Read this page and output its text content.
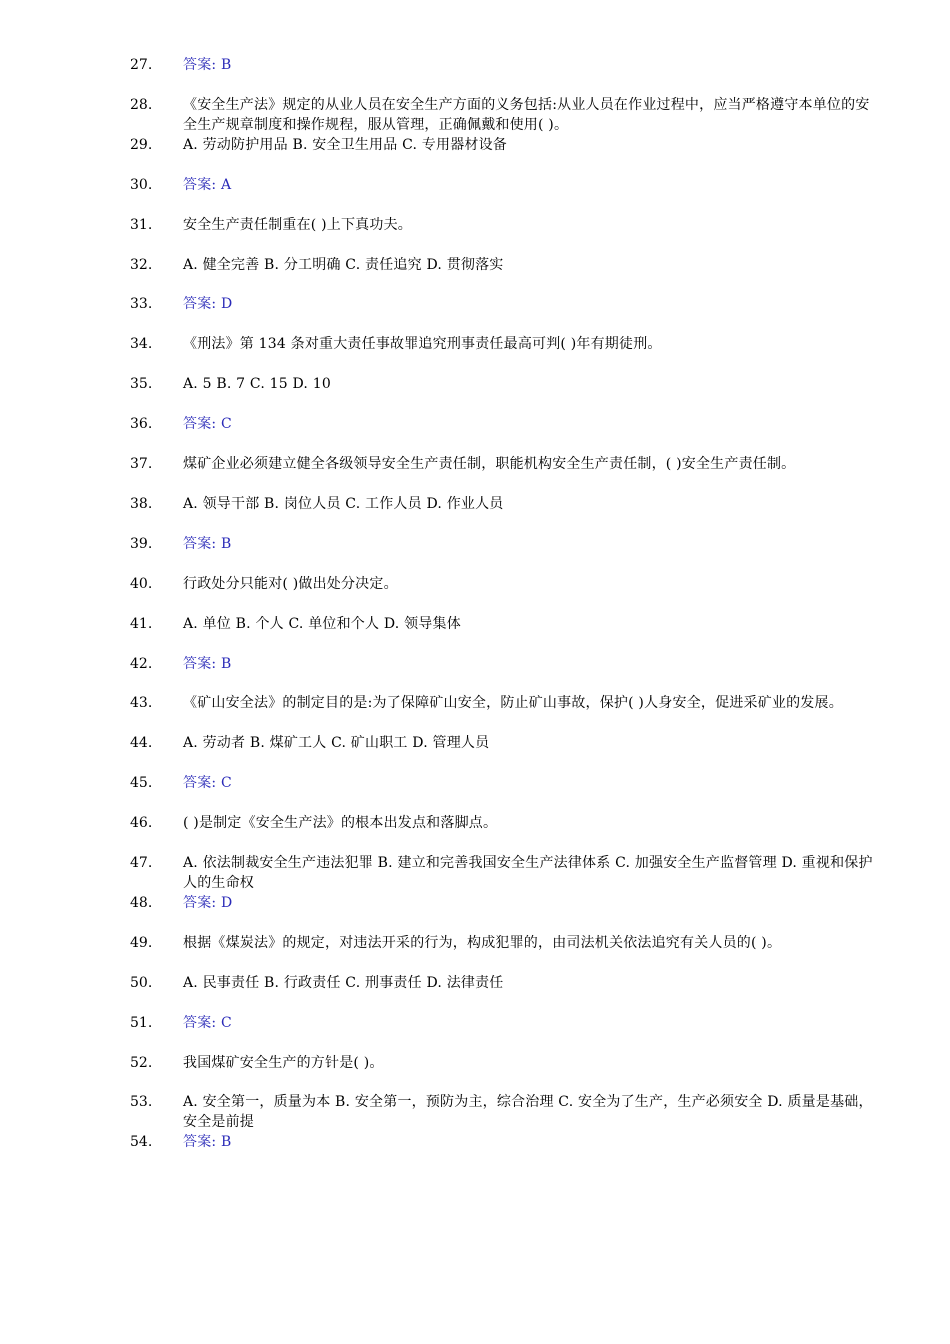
27. 答案: B
28. 《安全生产法》规定的从业人员在安全生产方面的义务包括:从业人员在作业过程中，应当严格遵守本单位的安全生产规章制度和操作规程，服从管理，正确佩戴和使用( )。
29. A. 劳动防护用品 B. 安全卫生用品 C. 专用器材设备
30. 答案: A
31. 安全生产责任制重在( )上下真功夫。
32. A. 健全完善 B. 分工明确 C. 责任追究 D. 贯彻落实
33. 答案: D
34. 《刑法》第 134 条对重大责任事故罪追究刑事责任最高可判( )年有期徒刑。
35. A. 5 B. 7 C. 15 D. 10
36. 答案: C
37. 煤矿企业必须建立健全各级领导安全生产责任制，职能机构安全生产责任制，( )安全生产责任制。
38. A. 领导干部 B. 岗位人员 C. 工作人员 D. 作业人员
39. 答案: B
40. 行政处分只能对( )做出处分决定。
41. A. 单位 B. 个人 C. 单位和个人 D. 领导集体
42. 答案: B
43. 《矿山安全法》的制定目的是:为了保障矿山安全，防止矿山事故，保护( )人身安全，促进采矿业的发展。
44. A. 劳动者 B. 煤矿工人 C. 矿山职工 D. 管理人员
45. 答案: C
46. ( )是制定《安全生产法》的根本出发点和落脚点。
47. A. 依法制裁安全生产违法犯罪 B. 建立和完善我国安全生产法律体系 C. 加强安全生产监督管理 D. 重视和保护人的生命权
48. 答案: D
49. 根据《煤炭法》的规定，对违法开采的行为，构成犯罪的，由司法机关依法追究有关人员的( )。
50. A. 民事责任 B. 行政责任 C. 刑事责任 D. 法律责任
51. 答案: C
52. 我国煤矿安全生产的方针是( )。
53. A. 安全第一，质量为本 B. 安全第一，预防为主，综合治理 C. 安全为了生产，生产必须安全 D. 质量是基础，安全是前提
54. 答案: B
